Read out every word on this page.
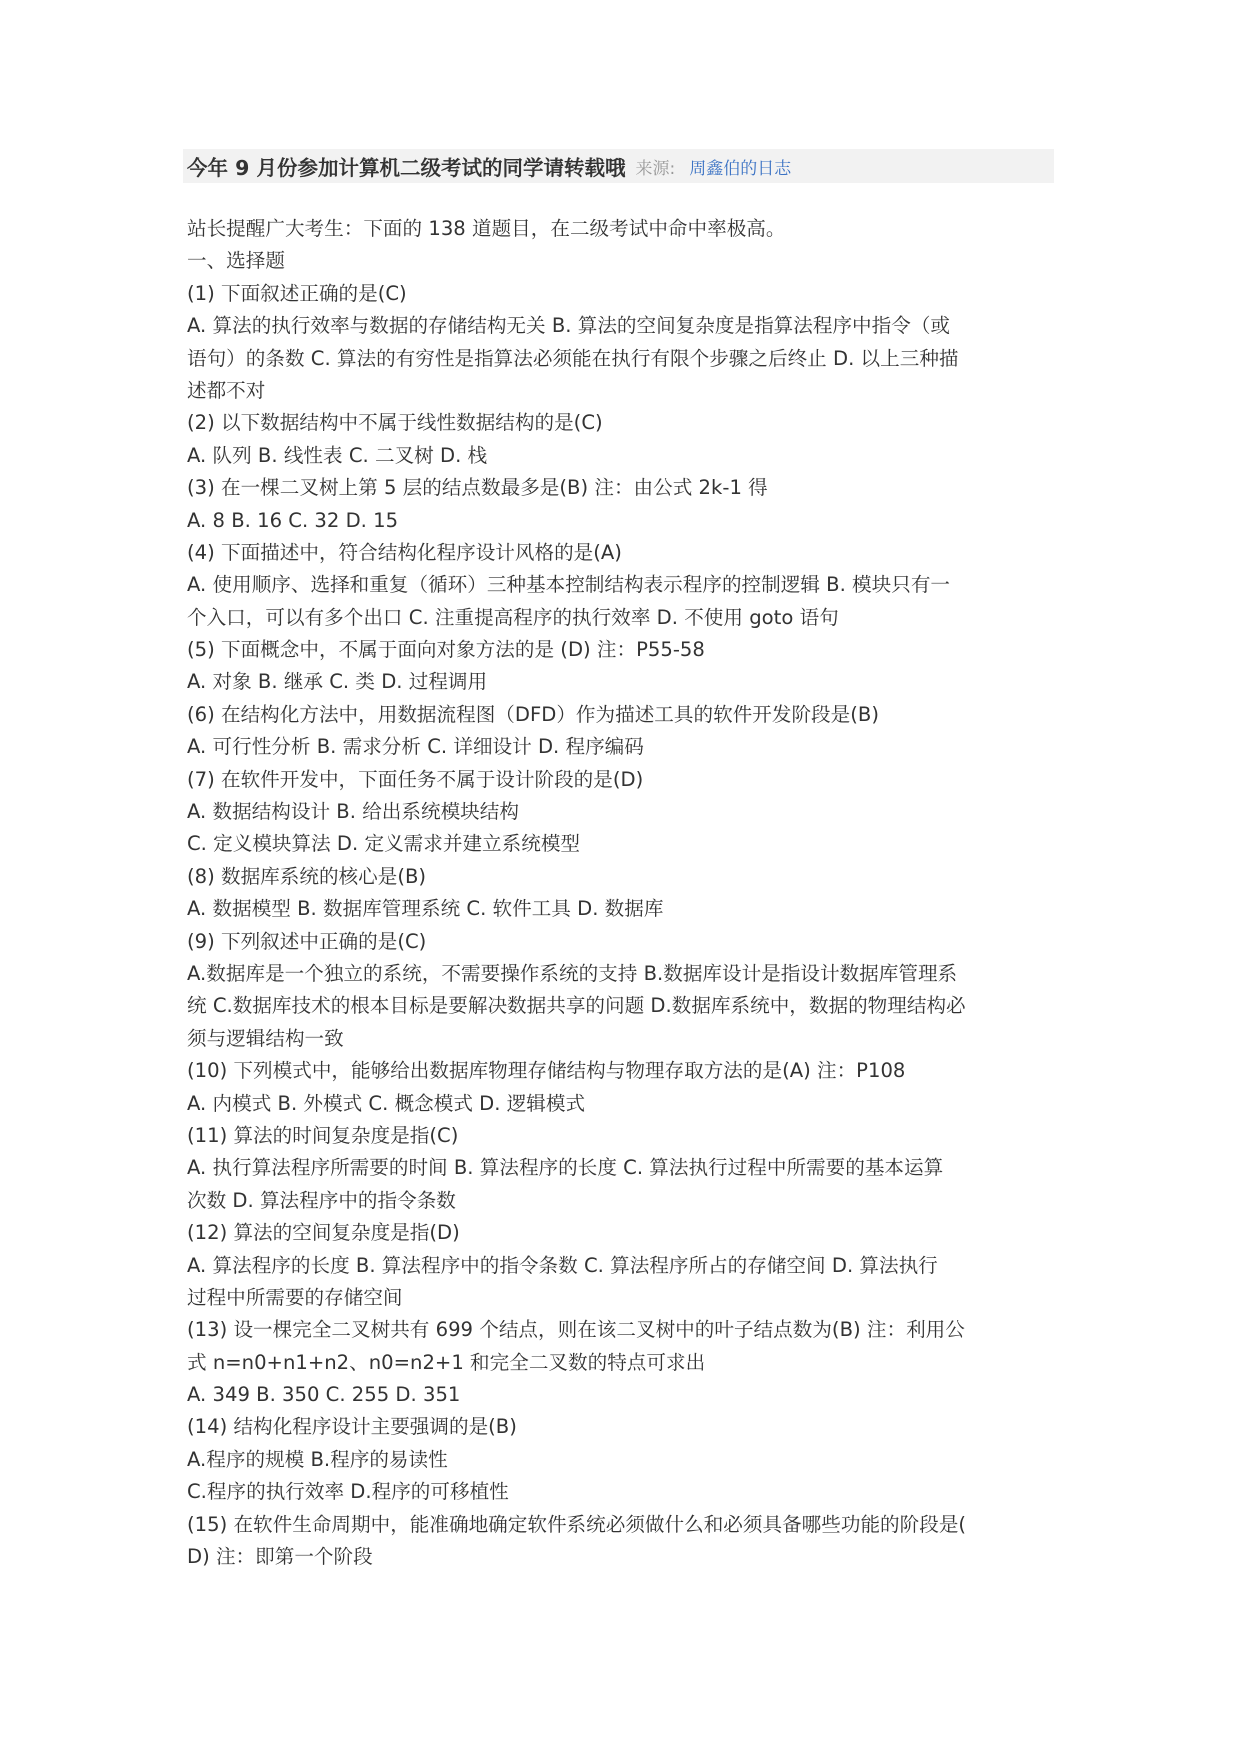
今年 9 月份参加计算机二级考试的同学请转载哦 来源: 周鑫伯的日志
站长提醒广大考生：下面的 138 道题目，在二级考试中命中率极高。
一、选择题
(1) 下面叙述正确的是(C)
A. 算法的执行效率与数据的存储结构无关 B. 算法的空间复杂度是指算法程序中指令（或
语句）的条数 C. 算法的有穷性是指算法必须能在执行有限个步骤之后终止 D. 以上三种描
述都不对
(2) 以下数据结构中不属于线性数据结构的是(C)
A. 队列 B. 线性表 C. 二叉树 D. 栈
(3) 在一棵二叉树上第 5 层的结点数最多是(B) 注：由公式 2k-1 得
A. 8 B. 16 C. 32 D. 15
(4) 下面描述中，符合结构化程序设计风格的是(A)
A. 使用顺序、选择和重复（循环）三种基本控制结构表示程序的控制逻辑 B. 模块只有一
个入口，可以有多个出口 C. 注重提高程序的执行效率 D. 不使用 goto 语句
(5) 下面概念中，不属于面向对象方法的是 (D) 注：P55-58
A. 对象 B. 继承 C. 类 D. 过程调用
(6) 在结构化方法中，用数据流程图（DFD）作为描述工具的软件开发阶段是(B)
A. 可行性分析 B. 需求分析 C. 详细设计 D. 程序编码
(7) 在软件开发中，下面任务不属于设计阶段的是(D)
A. 数据结构设计 B. 给出系统模块结构
C. 定义模块算法 D. 定义需求并建立系统模型
(8) 数据库系统的核心是(B)
A. 数据模型 B. 数据库管理系统 C. 软件工具 D. 数据库
(9) 下列叙述中正确的是(C)
A.数据库是一个独立的系统，不需要操作系统的支持 B.数据库设计是指设计数据库管理系
统 C.数据库技术的根本目标是要解决数据共享的问题 D.数据库系统中，数据的物理结构必
须与逻辑结构一致
(10) 下列模式中，能够给出数据库物理存储结构与物理存取方法的是(A) 注：P108
A. 内模式 B. 外模式 C. 概念模式 D. 逻辑模式
(11) 算法的时间复杂度是指(C)
A. 执行算法程序所需要的时间 B. 算法程序的长度 C. 算法执行过程中所需要的基本运算
次数 D. 算法程序中的指令条数
(12) 算法的空间复杂度是指(D)
A. 算法程序的长度 B. 算法程序中的指令条数 C. 算法程序所占的存储空间 D. 算法执行
过程中所需要的存储空间
(13) 设一棵完全二叉树共有 699 个结点，则在该二叉树中的叶子结点数为(B) 注：利用公
式 n=n0+n1+n2、n0=n2+1 和完全二叉数的特点可求出
A. 349 B. 350 C. 255 D. 351
(14) 结构化程序设计主要强调的是(B)
A.程序的规模 B.程序的易读性
C.程序的执行效率 D.程序的可移植性
(15) 在软件生命周期中，能准确地确定软件系统必须做什么和必须具备哪些功能的阶段是(
D) 注：即第一个阶段
